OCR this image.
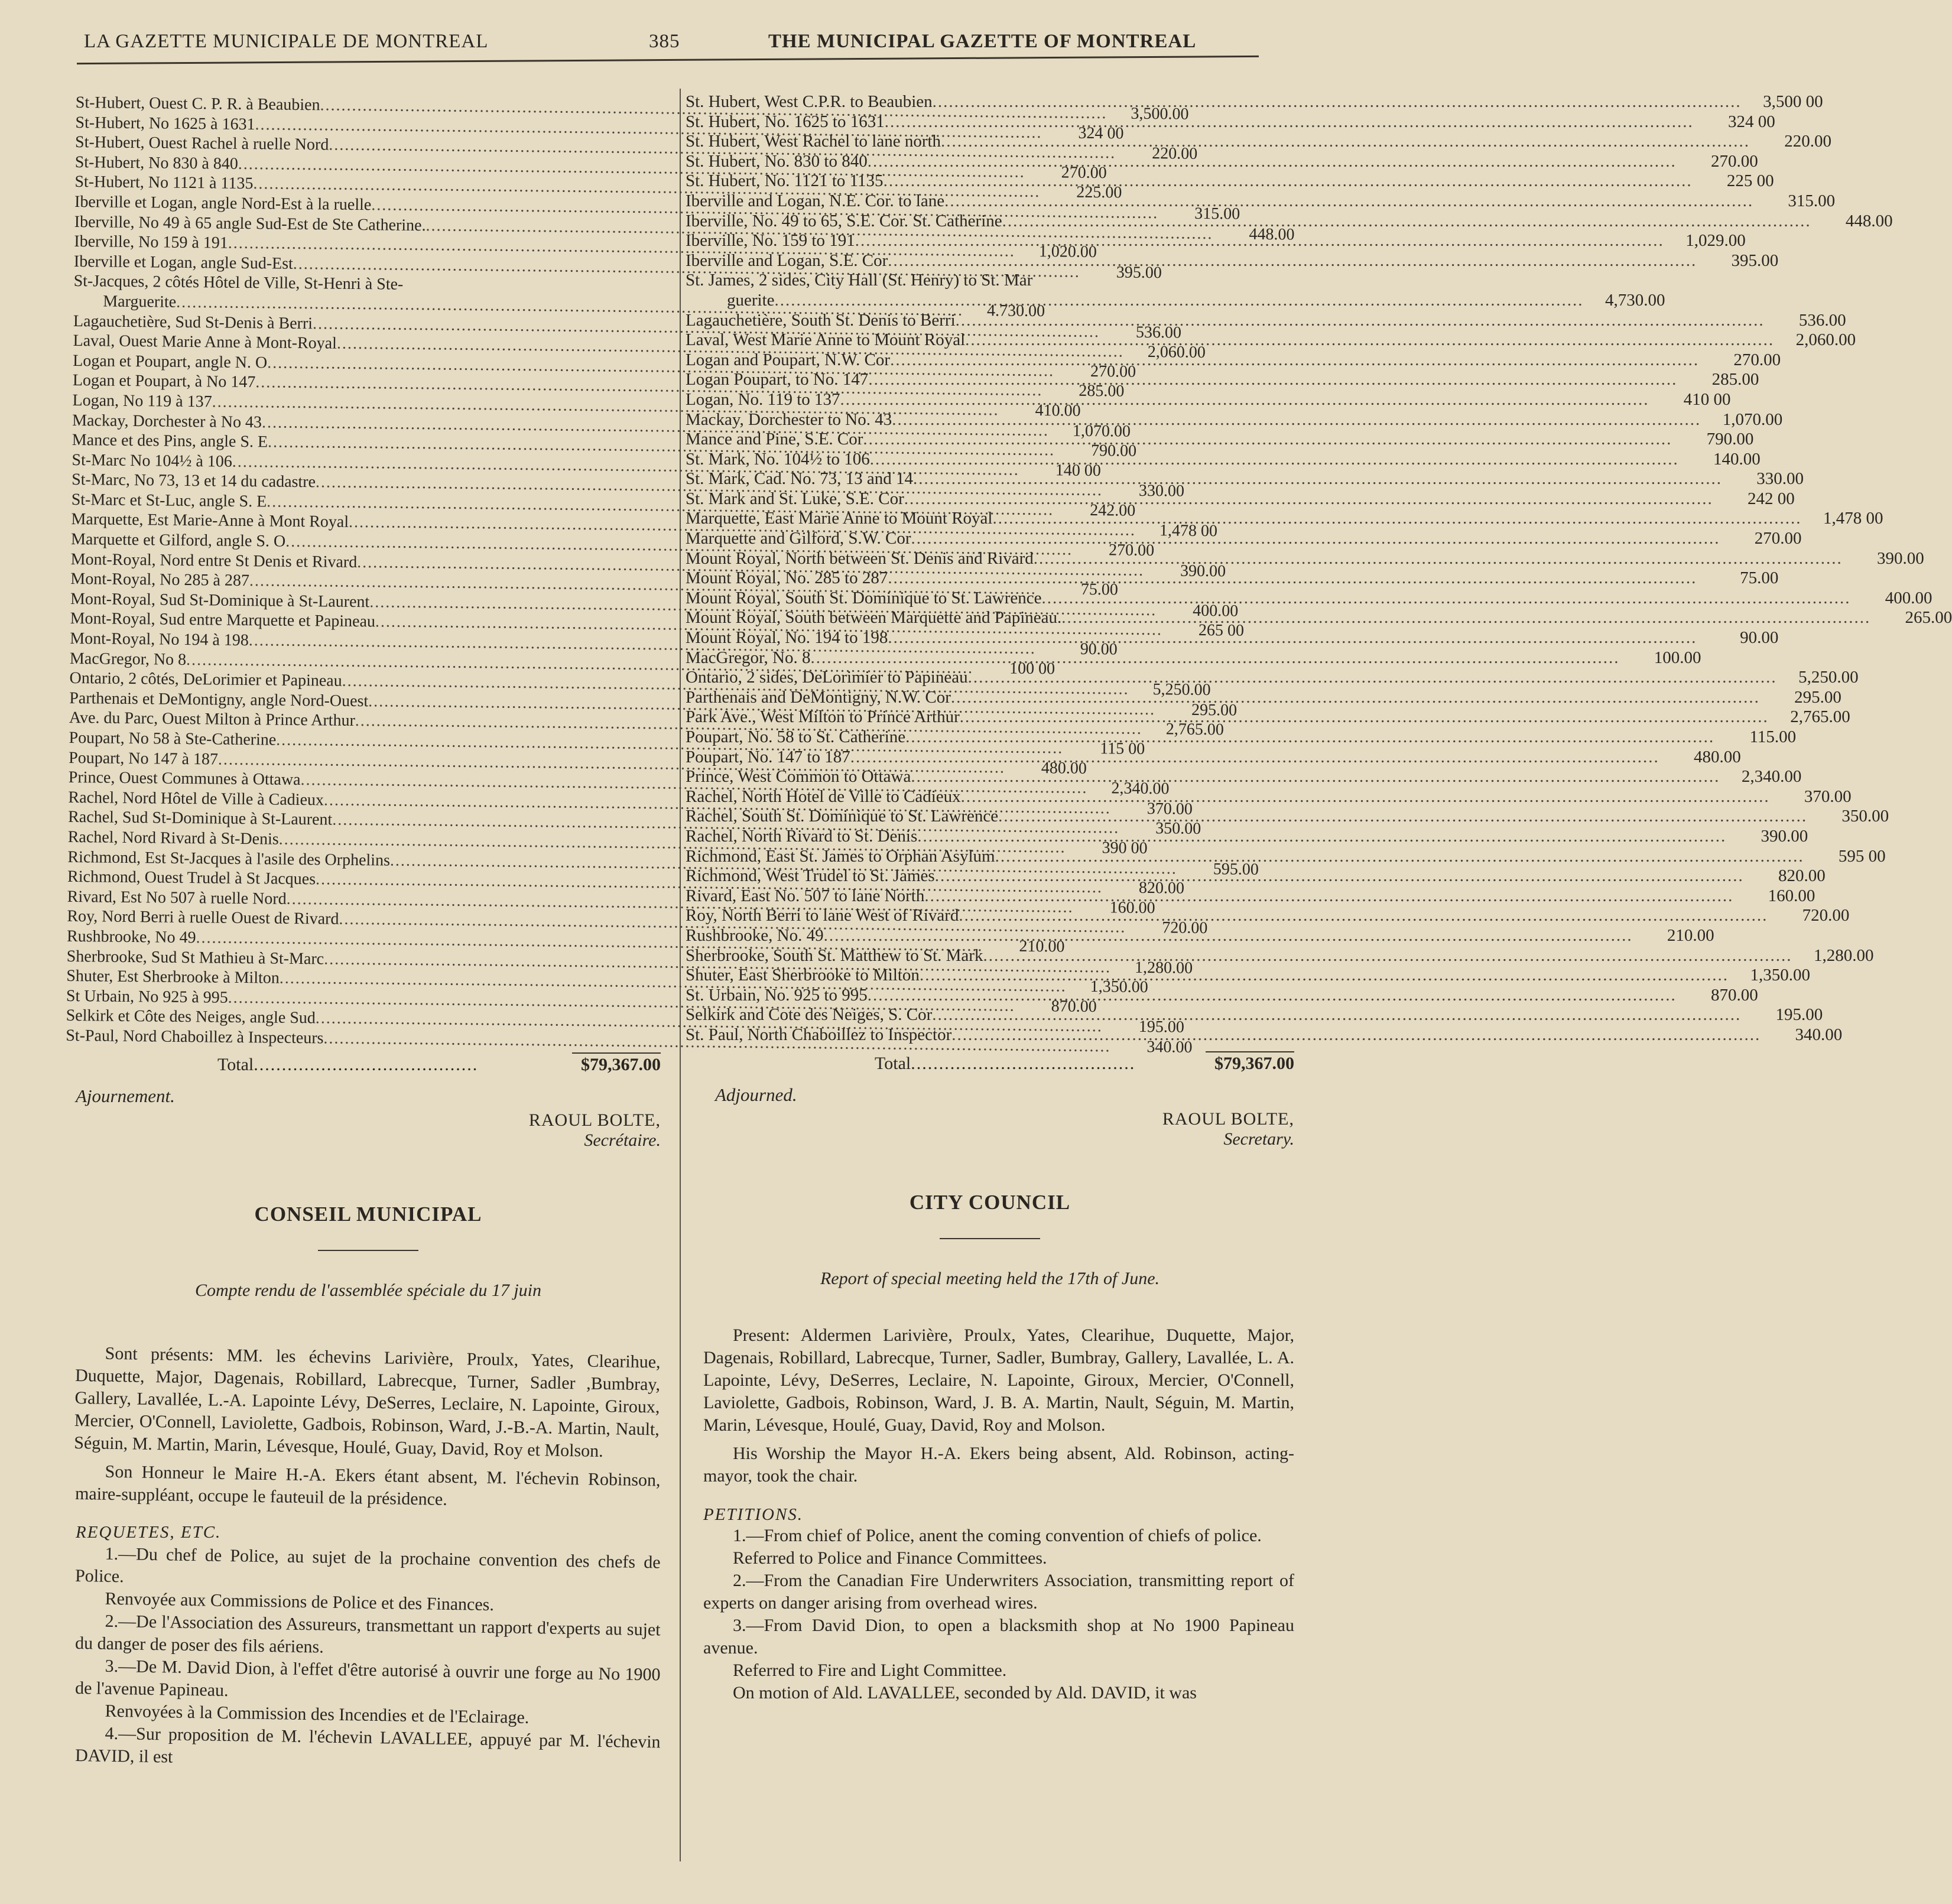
LA GAZETTE MUNICIPALE DE MONTREAL	385	THE MUNICIPAL GAZETTE OF MONTREAL
St-Hubert, Ouest C. P. R. à Beaubien .....	3,500.00
St-Hubert, No 1625 à 1631 .....	324 00
St-Hubert, Ouest Rachel à ruelle Nord .....	220.00
St-Hubert, No 830 à 840 .....	270.00
St-Hubert, No 1121 à 1135 .....	225.00
Iberville et Logan, angle Nord-Est à la ruelle .....	315.00
Iberville, No 49 à 65 angle Sud-Est de Ste Catherine. .....	448.00
Iberville, No 159 à 191 .....	1,020.00
Iberville et Logan, angle Sud-Est .....	395.00
St-Jacques, 2 côtés Hôtel de Ville, St-Henri à Ste-
Marguerite .....	4.730.00
Lagauchetière, Sud St-Denis à Berri .....	536.00
Laval, Ouest Marie Anne à Mont-Royal .....	2,060.00
Logan et Poupart, angle N. O .....	270.00
Logan et Poupart, à No 147 .....	285.00
Logan, No 119 à 137 .....	410.00
Mackay, Dorchester à No 43 .....	1,070.00
Mance et des Pins, angle S. E .....	790.00
St-Marc No 104½ à 106 .....	140 00
St-Marc, No 73, 13 et 14 du cadastre .....	330.00
St-Marc et St-Luc, angle S. E .....	242.00
Marquette, Est Marie-Anne à Mont Royal .....	1,478 00
Marquette et Gilford, angle S. O .....	270.00
Mont-Royal, Nord entre St Denis et Rivard .....	390.00
Mont-Royal, No 285 à 287 .....	75.00
Mont-Royal, Sud St-Dominique à St-Laurent .....	400.00
Mont-Royal, Sud entre Marquette et Papineau .....	265 00
Mont-Royal, No 194 à 198 .....	90.00
MacGregor, No 8 .....	100 00
Ontario, 2 côtés, DeLorimier et Papineau .....	5,250.00
Parthenais et DeMontigny, angle Nord-Ouest .....	295.00
Ave. du Parc, Ouest Milton à Prince Arthur .....	2,765.00
Poupart, No 58 à Ste-Catherine .....	115 00
Poupart, No 147 à 187 .....	480.00
Prince, Ouest Communes à Ottawa .....	2,340.00
Rachel, Nord Hôtel de Ville à Cadieux .....	370.00
Rachel, Sud St-Dominique à St-Laurent .....	350.00
Rachel, Nord Rivard à St-Denis .....	390 00
Richmond, Est St-Jacques à l'asile des Orphelins .....	595.00
Richmond, Ouest Trudel à St Jacques .....	820.00
Rivard, Est No 507 à ruelle Nord .....	160.00
Roy, Nord Berri à ruelle Ouest de Rivard .....	720.00
Rushbrooke, No 49 .....	210.00
Sherbrooke, Sud St Mathieu à St-Marc .....	1,280.00
Shuter, Est Sherbrooke à Milton .....	1,350.00
St Urbain, No 925 à 995 .....	870.00
Selkirk et Côte des Neiges, angle Sud .....	195.00
St-Paul, Nord Chaboillez à Inspecteurs .....	340.00
Total ........................................	$79,367.00
Ajournement.
RAOUL BOLTE,
Secrétaire.
CONSEIL MUNICIPAL
Compte rendu de l'assemblée spéciale du 17 juin

Sont présents: MM. les échevins Larivière, Proulx, Yates, Clearihue, Duquette, Major, Dagenais, Robillard, Labrecque, Turner, Sadler ,Bumbray, Gallery, Lavallée, L.-A. Lapointe Lévy, DeSerres, Leclaire, N. Lapointe, Giroux, Mercier, O'Connell, Laviolette, Gadbois, Robinson, Ward, J.-B.-A. Martin, Nault, Séguin, M. Martin, Marin, Lévesque, Houlé, Guay, David, Roy et Molson.

Son Honneur le Maire H.-A. Ekers étant absent, M. l'échevin Robinson, maire-suppléant, occupe le fauteuil de la présidence.

REQUETES, ETC.

1.—Du chef de Police, au sujet de la prochaine convention des chefs de Police.

Renvoyée aux Commissions de Police et des Finances.

2.—De l'Association des Assureurs, transmettant un rapport d'experts au sujet du danger de poser des fils aériens.

3.—De M. David Dion, à l'effet d'être autorisé à ouvrir une forge au No 1900 de l'avenue Papineau.

Renvoyées à la Commission des Incendies et de l'Eclairage.

4.—Sur proposition de M. l'échevin LAVALLEE, appuyé par M. l'échevin DAVID, il est

St. Hubert, West C.P.R. to Beaubien .....	3,500 00
St. Hubert, No. 1625 to 1631 .....	324 00
St. Hubert, West Rachel to lane north .....	220.00
St. Hubert, No. 830 to 840 .....	270.00
St. Hubert, No. 1121 to 1135 .....	225 00
Iberville and Logan, N.E. Cor. to lane .....	315.00
Iberville, No. 49 to 65, S.E. Cor. St. Catherine .....	448.00
Iberville, No. 159 to 191 .....	1,029.00
Iberville and Logan, S.E. Cor .....	395.00
St. James, 2 sides, City Hall (St. Henry) to St. Mar
guerite .....	4,730.00
Lagauchetière, South St. Denis to Berri .....	536.00
Laval, West Marie Anne to Mount Royal .....	2,060.00
Logan and Poupart, N.W. Cor .....	270.00
Logan Poupart, to No. 147 .....	285.00
Logan, No. 119 to 137 .....	410 00
Mackay, Dorchester to No. 43 .....	1,070.00
Mance and Pine, S.E. Cor .....	790.00
St. Mark, No. 104½ to 106 .....	140.00
St. Mark, Cad. No. 73, 13 and 14 .....	330.00
St. Mark and St. Luke, S.E. Cor .....	242 00
Marquette, East Marie Anne to Mount Royal .....	1,478 00
Marquette and Gilford, S.W. Cor .....	270.00
Mount Royal, North between St. Denis and Rivard .....	390.00
Mount Royal, No. 285 to 287 .....	75.00
Mount Royal, South St. Dominique to St. Lawrence .....	400.00
Mount Royal, South between Marquette and Papineau. .....	265.00
Mount Royal, No. 194 to 198 .....	90.00
MacGregor, No. 8 .....	100.00
Ontario, 2 sides, DeLorimier to Papineau .....	5,250.00
Parthenais and DeMontigny, N.W. Cor .....	295.00
Park Ave., West Milton to Prince Arthur .....	2,765.00
Poupart, No. 58 to St. Catherine .....	115.00
Poupart, No. 147 to 187 .....	480.00
Prince, West Common to Ottawa .....	2,340.00
Rachel, North Hotel de Ville to Cadieux .....	370.00
Rachel, South St. Dominique to St. Lawrence .....	350.00
Rachel, North Rivard to St. Denis .....	390.00
Richmond, East St. James to Orphan Asylum .....	595 00
Richmond, West Trudel to St. James .....	820.00
Rivard, East No. 507 to lane North .....	160.00
Roy, North Berri to lane West of Rivard .....	720.00
Rushbrooke, No. 49 .....	210.00
Sherbrooke, South St. Matthew to St. Mark .....	1,280.00
Shuter, East Sherbrooke to Milton .....	1,350.00
St. Urbain, No. 925 to 995 .....	870.00
Selkirk and Cote des Neiges, S. Cor .....	195.00
St. Paul, North Chaboillez to Inspector .....	340.00
Total ........................................	$79,367.00
Adjourned.
RAOUL BOLTE,
Secretary.
CITY COUNCIL
Report of special meeting held the 17th of June.

Present: Aldermen Larivière, Proulx, Yates, Clearihue, Duquette, Major, Dagenais, Robillard, Labrecque, Turner, Sadler, Bumbray, Gallery, Lavallée, L. A. Lapointe, Lévy, DeSerres, Leclaire, N. Lapointe, Giroux, Mercier, O'Connell, Laviolette, Gadbois, Robinson, Ward, J. B. A. Martin, Nault, Séguin, M. Martin, Marin, Lévesque, Houlé, Guay, David, Roy and Molson.

His Worship the Mayor H.-A. Ekers being absent, Ald. Robinson, acting-mayor, took the chair.

PETITIONS.

1.—From chief of Police, anent the coming convention of chiefs of police.

Referred to Police and Finance Committees.

2.—From the Canadian Fire Underwriters Association, transmitting report of experts on danger arising from overhead wires.

3.—From David Dion, to open a blacksmith shop at No 1900 Papineau avenue.

Referred to Fire and Light Committee.

On motion of Ald. LAVALLEE, seconded by Ald. DAVID, it was
